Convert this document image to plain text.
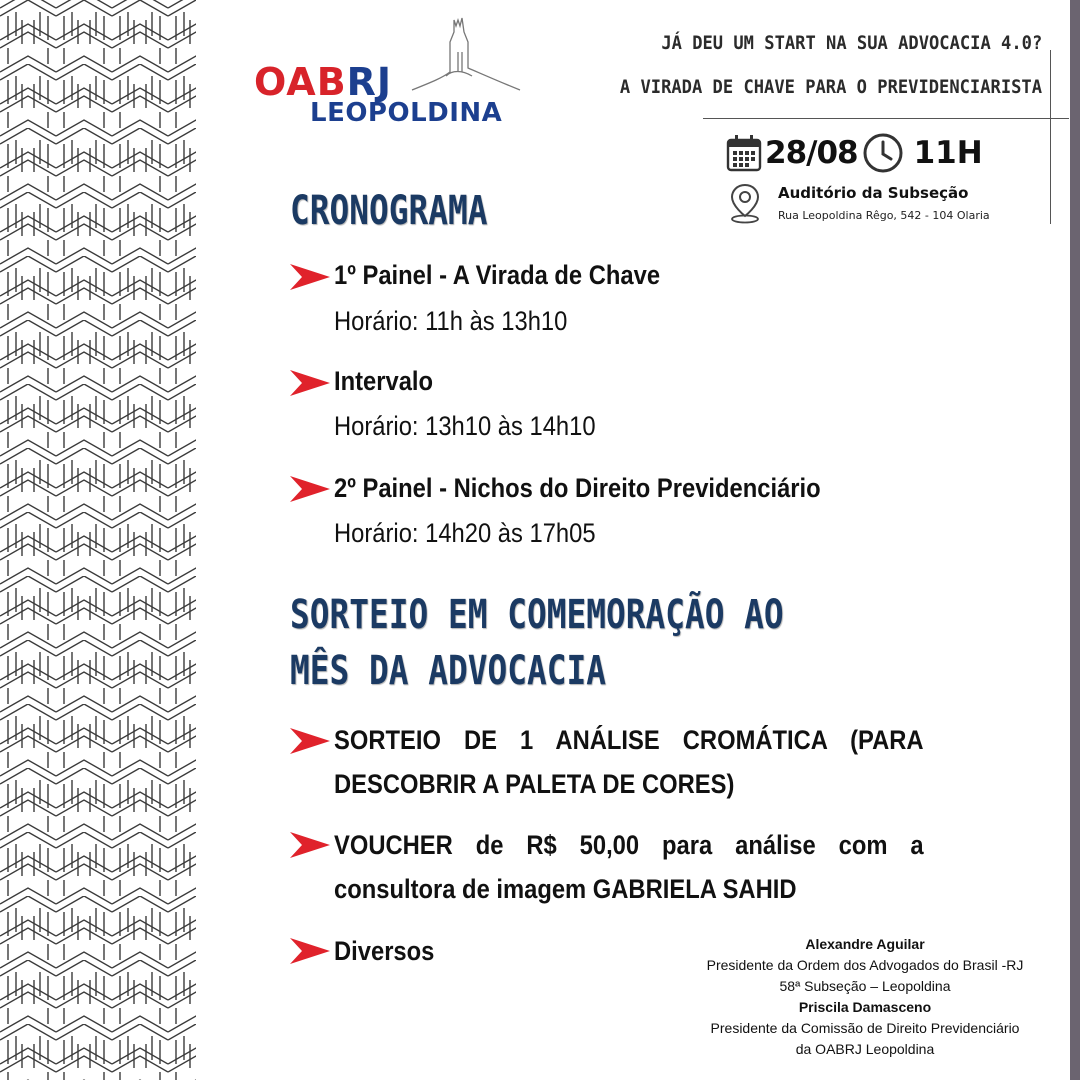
OABRJ
LEOPOLDINA
JÁ DEU UM START NA SUA ADVOCACIA 4.0?
A VIRADA DE CHAVE PARA O PREVIDENCIARISTA
28/08 11H
Auditório da Subseção
Rua Leopoldina Rêgo, 542 - 104 Olaria
CRONOGRAMA
1º Painel - A Virada de Chave
Horário: 11h às 13h10
Intervalo
Horário: 13h10 às 14h10
2º Painel - Nichos do Direito Previdenciário
Horário: 14h20 às 17h05
SORTEIO EM COMEMORAÇÃO AO
MÊS DA ADVOCACIA
SORTEIO DE 1 ANÁLISE CROMÁTICA (PARA
DESCOBRIR A PALETA DE CORES)
VOUCHER de R$ 50,00 para análise com a
consultora de imagem GABRIELA SAHID
Diversos	Alexandre Aguilar
Presidente da Ordem dos Advogados do Brasil -RJ
58ª Subseção – Leopoldina
Priscila Damasceno
Presidente da Comissão de Direito Previdenciário
da OABRJ Leopoldina
